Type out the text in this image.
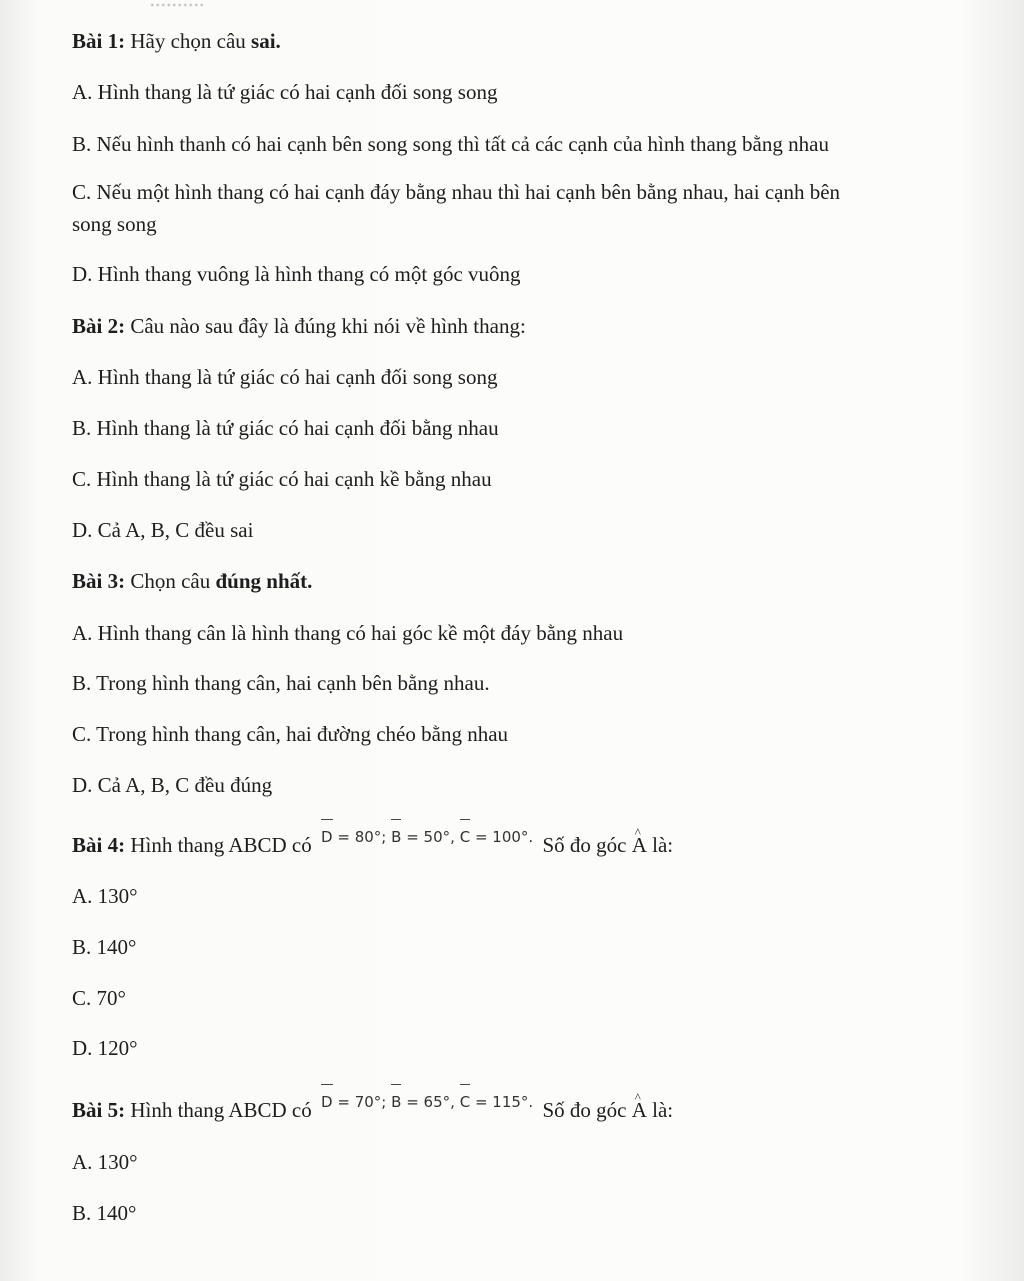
..........
Bài 1: Hãy chọn câu sai.
A. Hình thang là tứ giác có hai cạnh đối song song
B. Nếu hình thanh có hai cạnh bên song song thì tất cả các cạnh của hình thang bằng nhau
C. Nếu một hình thang có hai cạnh đáy bằng nhau thì hai cạnh bên bằng nhau, hai cạnh bên
song song
D. Hình thang vuông là hình thang có một góc vuông
Bài 2: Câu nào sau đây là đúng khi nói về hình thang:
A. Hình thang là tứ giác có hai cạnh đối song song
B. Hình thang là tứ giác có hai cạnh đối bằng nhau
C. Hình thang là tứ giác có hai cạnh kề bằng nhau
D. Cả A, B, C đều sai
Bài 3: Chọn câu đúng nhất.
A. Hình thang cân là hình thang có hai góc kề một đáy bằng nhau
B. Trong hình thang cân, hai cạnh bên bằng nhau.
C. Trong hình thang cân, hai đường chéo bằng nhau
D. Cả A, B, C đều đúng
Bài 4: Hình thang ABCD có D = 80°; B = 50°, C = 100°. Số đo góc ^ A là:
A. 130°
B. 140°
C. 70°
D. 120°
Bài 5: Hình thang ABCD có D = 70°; B = 65°, C = 115°. Số đo góc ^ A là:
A. 130°
B. 140°
